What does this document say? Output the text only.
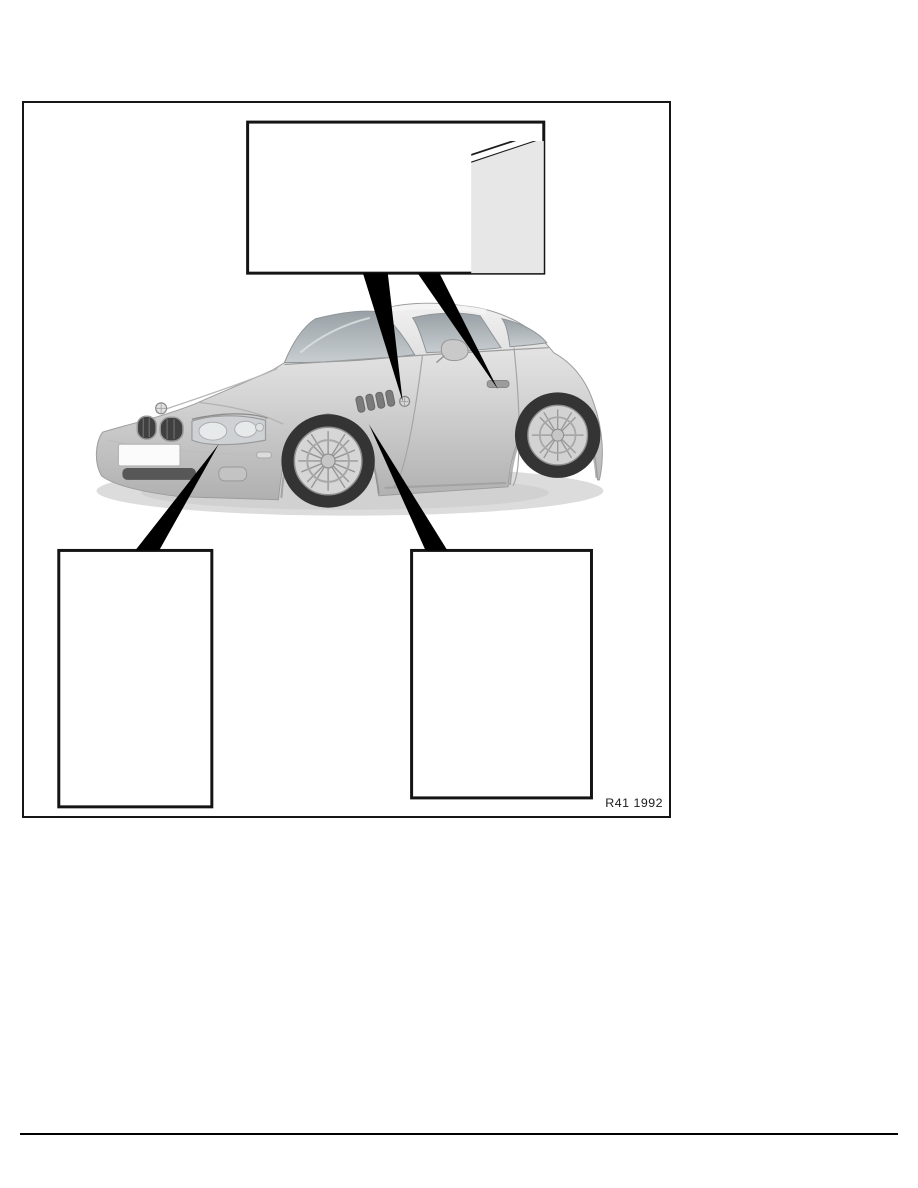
R41 1992
